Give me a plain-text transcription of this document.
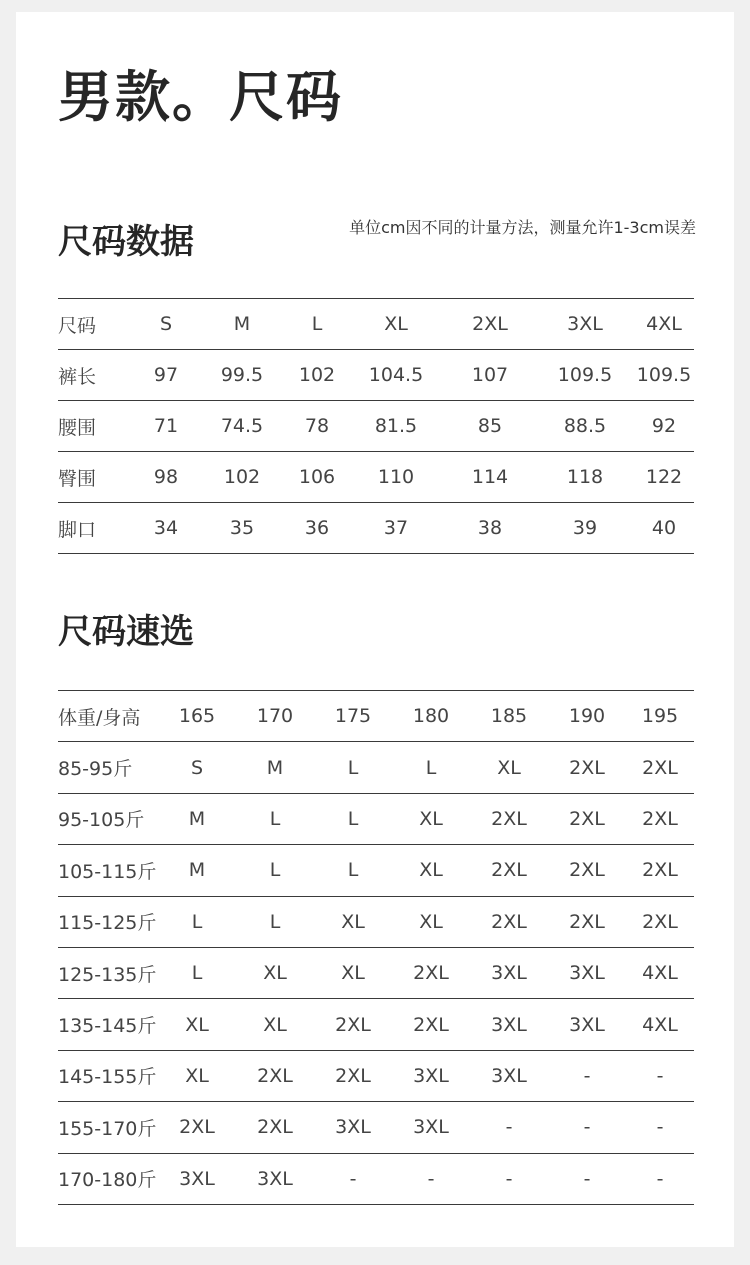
男款。尺码
尺码数据	单位cm因不同的计量方法，测量允许1-3cm误差
尺码	S	M	L	XL	2XL	3XL	4XL
裤长	97	99.5	102	104.5	107	109.5	109.5
腰围	71	74.5	78	81.5	85	88.5	92
臀围	98	102	106	110	114	118	122
脚口	34	35	36	37	38	39	40
尺码速选
体重/身高	165	170	175	180	185	190	195
85-95斤	S	M	L	L	XL	2XL	2XL
95-105斤	M	L	L	XL	2XL	2XL	2XL
105-115斤	M	L	L	XL	2XL	2XL	2XL
115-125斤	L	L	XL	XL	2XL	2XL	2XL
125-135斤	L	XL	XL	2XL	3XL	3XL	4XL
135-145斤	XL	XL	2XL	2XL	3XL	3XL	4XL
145-155斤	XL	2XL	2XL	3XL	3XL	-	-
155-170斤	2XL	2XL	3XL	3XL	-	-	-
170-180斤	3XL	3XL	-	-	-	-	-
